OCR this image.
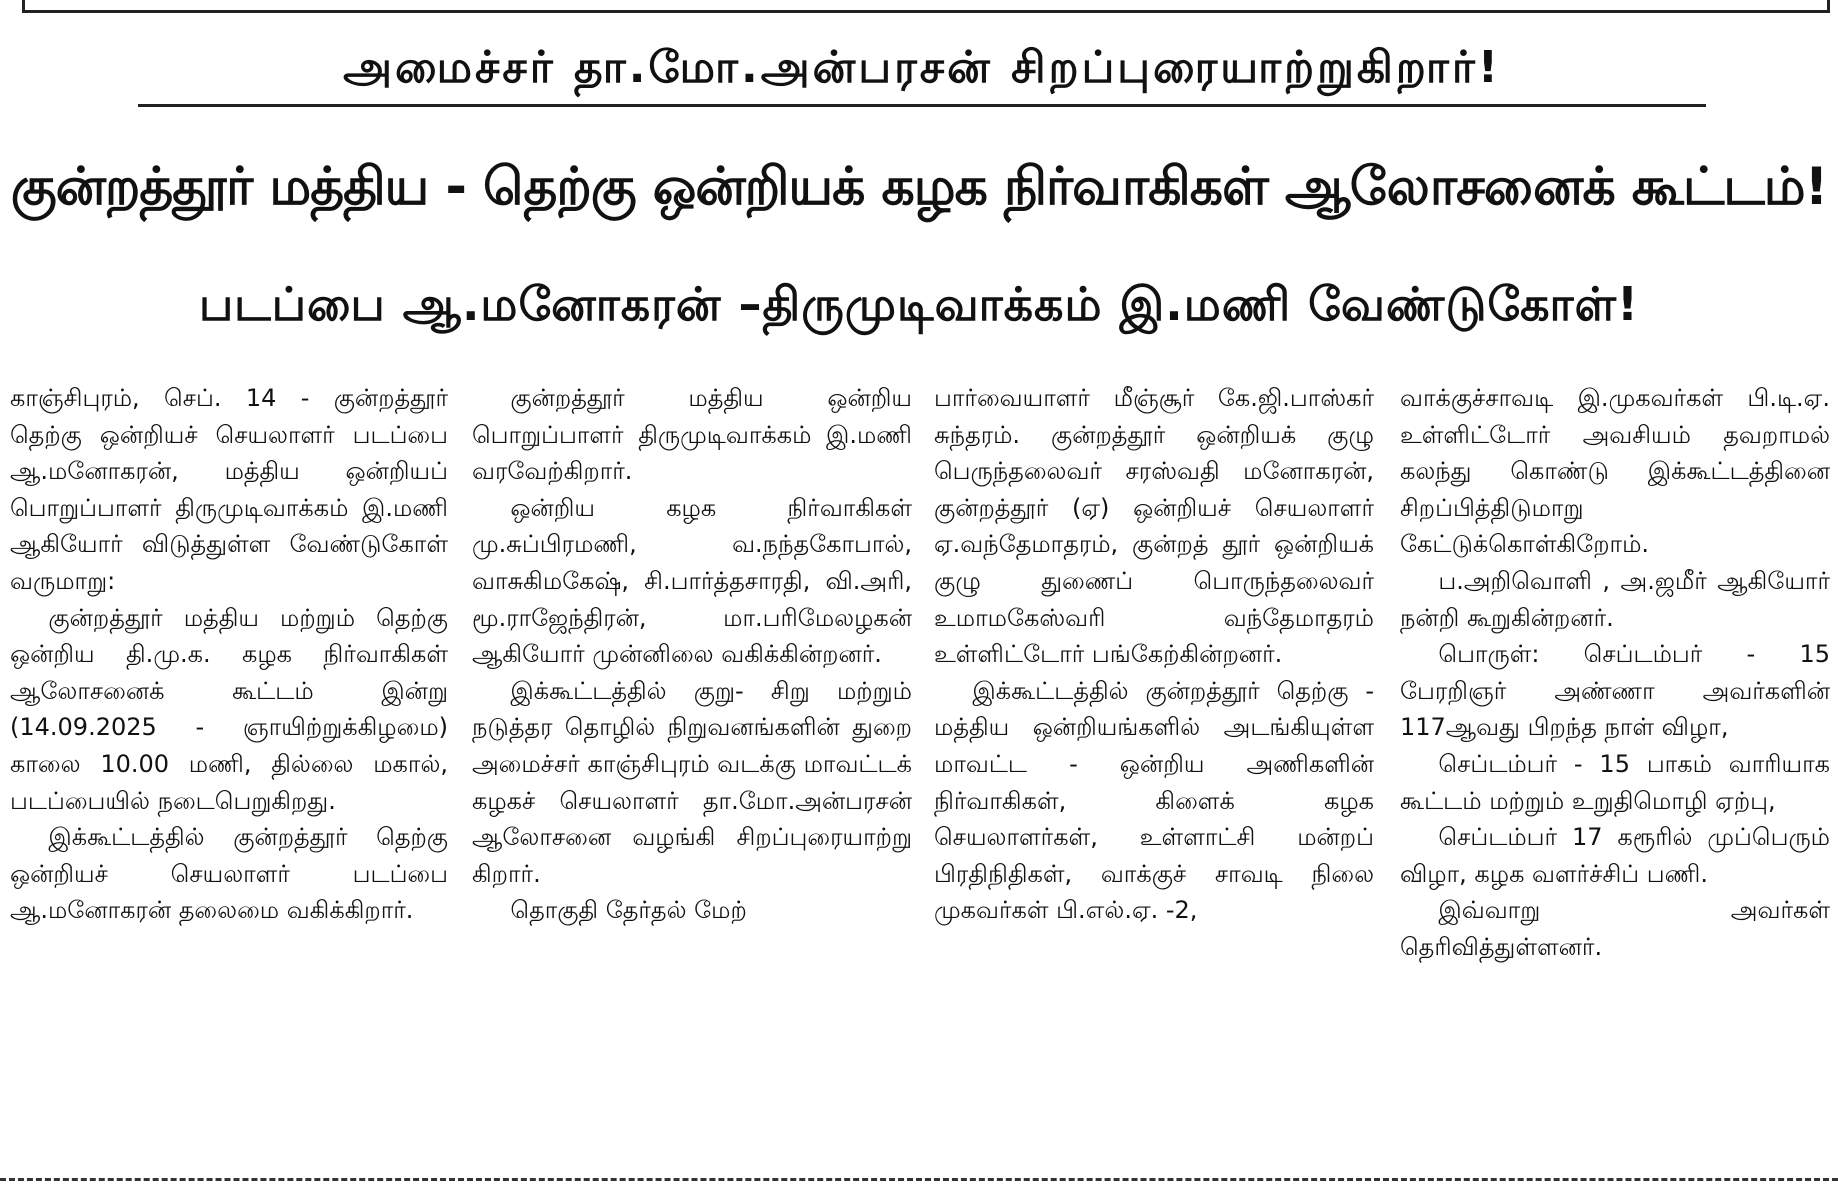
அமைச்சர் தா.மோ.அன்பரசன் சிறப்புரையாற்றுகிறார்!
குன்றத்தூர் மத்திய - தெற்கு ஒன்றியக் கழக நிர்வாகிகள் ஆலோசனைக் கூட்டம்!
படப்பை ஆ.மனோகரன் –திருமுடிவாக்கம் இ.மணி வேண்டுகோள்!

காஞ்சிபுரம், செப். 14 - குன்றத்தூர் தெற்கு ஒன்றியச் செயலாளர் படப்பை ஆ.மனோகரன், மத்திய ஒன்றியப் பொறுப்பாளர் திருமுடிவாக்கம் இ.மணி ஆகியோர் விடுத்துள்ள வேண்டுகோள் வருமாறு:

குன்றத்தூர் மத்திய மற்றும் தெற்கு ஒன்றிய தி.மு.க. கழக நிர்வாகிகள் ஆலோசனைக் கூட்டம் இன்று (14.09.2025 - ஞாயிற்றுக்கிழமை) காலை 10.00 மணி, தில்லை மகால், படப்பையில் நடைபெறுகிறது.

இக்கூட்டத்தில் குன்றத்தூர் தெற்கு ஒன்றியச் செயலாளர் படப்பை ஆ.மனோகரன் தலைமை வகிக்கிறார்.

குன்றத்தூர் மத்திய ஒன்றிய பொறுப்பாளர் திருமுடிவாக்கம் இ.மணி வரவேற்கிறார்.

ஒன்றிய கழக நிர்வாகிகள் மு.சுப்பிரமணி, வ.நந்தகோபால், வாசுகிமகேஷ், சி.பார்த்தசாரதி, வி.அரி, மூ.ராஜேந்திரன், மா.பரிமேலழகன் ஆகியோர் முன்னிலை வகிக்கின்றனர்.

இக்கூட்டத்தில் குறு- சிறு மற்றும் நடுத்தர தொழில் நிறுவனங்களின் துறை அமைச்சர் காஞ்சிபுரம் வடக்கு மாவட்டக் கழகச் செயலாளர் தா.மோ.அன்பரசன் ஆலோசனை வழங்கி சிறப்புரையாற்று கிறார்.

தொகுதி தேர்தல் மேற்

பார்வையாளர் மீஞ்சூர் கே.ஜி.பாஸ்கர் சுந்தரம். குன்றத்தூர் ஒன்றியக் குழு பெருந்தலைவர் சரஸ்வதி மனோகரன், குன்றத்தூர் (ஏ) ஒன்றியச் செயலாளர் ஏ.வந்தேமாதரம், குன்றத் தூர் ஒன்றியக் குழு துணைப் பொருந்தலைவர் உமாமகேஸ்வரி வந்தேமாதரம் உள்ளிட்டோர் பங்கேற்கின்றனர்.

இக்கூட்டத்தில் குன்றத்தூர் தெற்கு - மத்திய ஒன்றியங்களில் அடங்கியுள்ள மாவட்ட - ஒன்றிய அணிகளின் நிர்வாகிகள், கிளைக் கழக செயலாளர்கள், உள்ளாட்சி மன்றப் பிரதிநிதிகள், வாக்குச் சாவடி நிலை முகவர்கள் பி.எல்.ஏ. -2,

வாக்குச்சாவடி இ.முகவர்கள் பி.டி.ஏ. உள்ளிட்டோர் அவசியம் தவறாமல் கலந்து கொண்டு இக்கூட்டத்தினை சிறப்பித்திடுமாறு கேட்டுக்கொள்கிறோம்.

ப.அறிவொளி , அ.ஜமீர் ஆகியோர் நன்றி கூறுகின்றனர்.

பொருள்: செப்டம்பர் - 15 பேரறிஞர் அண்ணா அவர்களின் 117ஆவது பிறந்த நாள் விழா,

செப்டம்பர் - 15 பாகம் வாரியாக கூட்டம் மற்றும் உறுதிமொழி ஏற்பு,

செப்டம்பர் 17 கரூரில் முப்பெரும் விழா, கழக வளர்ச்சிப் பணி.

இவ்வாறு அவர்கள் தெரிவித்துள்ளனர்.
